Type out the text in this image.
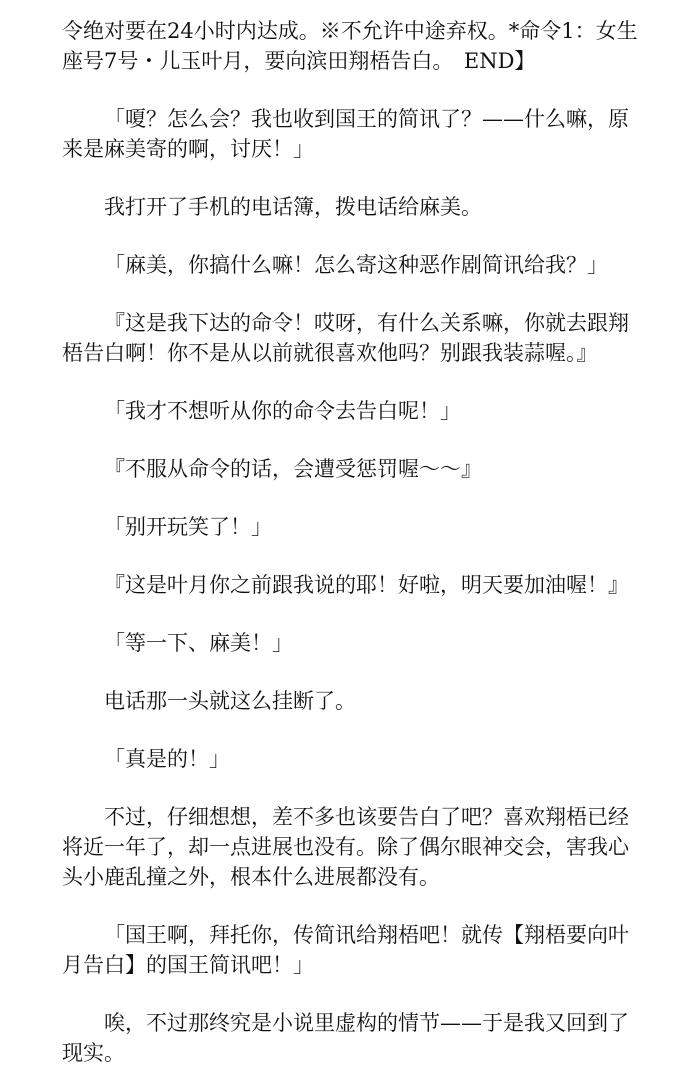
令绝对要在24小时内达成。※不允许中途弃权。*命令1：女生座号7号・儿玉叶月，要向滨田翔梧告白。　END】

「嗄？怎么会？我也收到国王的简讯了？——什么嘛，原来是麻美寄的啊，讨厌！」

我打开了手机的电话簿，拨电话给麻美。

「麻美，你搞什么嘛！怎么寄这种恶作剧简讯给我？」

『这是我下达的命令！哎呀，有什么关系嘛，你就去跟翔梧告白啊！你不是从以前就很喜欢他吗？别跟我装蒜喔。』

「我才不想听从你的命令去告白呢！」

『不服从命令的话，会遭受惩罚喔～～』

「别开玩笑了！」

『这是叶月你之前跟我说的耶！好啦，明天要加油喔！』

「等一下、麻美！」

电话那一头就这么挂断了。

「真是的！」

不过，仔细想想，差不多也该要告白了吧？喜欢翔梧已经将近一年了，却一点进展也没有。除了偶尔眼神交会，害我心头小鹿乱撞之外，根本什么进展都没有。

「国王啊，拜托你，传简讯给翔梧吧！就传【翔梧要向叶月告白】的国王简讯吧！」

唉，不过那终究是小说里虚构的情节——于是我又回到了现实。
